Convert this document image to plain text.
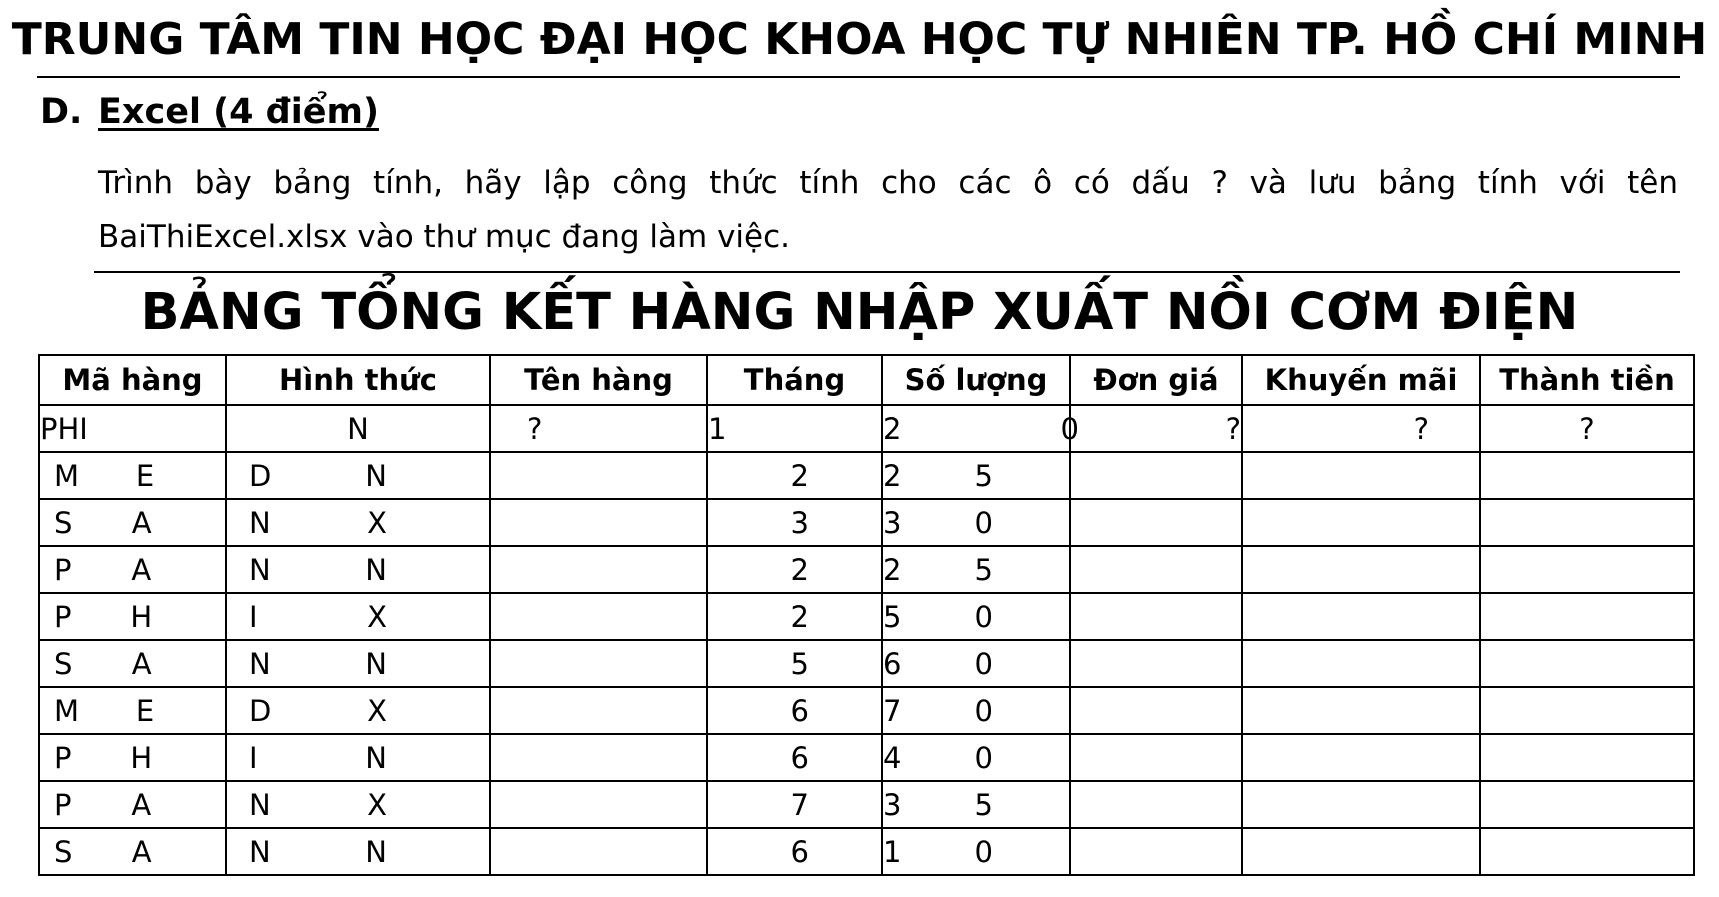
TRUNG TÂM TIN HỌC ĐẠI HỌC KHOA HỌC TỰ NHIÊN TP. HỒ CHÍ MINH
D. Excel (4 điểm)
Trình bày bảng tính, hãy lập công thức tính cho các ô có dấu ? và lưu bảng tính với tên BaiThiExcel.xlsx vào thư mục đang làm việc.
BẢNG TỔNG KẾT HÀNG NHẬP XUẤT NỒI CƠM ĐIỆN
Mã hàng	Hình thức	Tên hàng	Tháng	Số lượng	Đơn giá	Khuyến mãi	Thành tiền
PHI	N	?	1	2 0	?	?	?

M E	D N		2	2 5			

S A	N X		3	3 0			

P A	N N		2	2 5			

P H	I X		2	5 0			

S A	N N		5	6 0			

M E	D X		6	7 0			

P H	I N		6	4 0			

P A	N X		7	3 5			

S A	N N		6	1 0			
